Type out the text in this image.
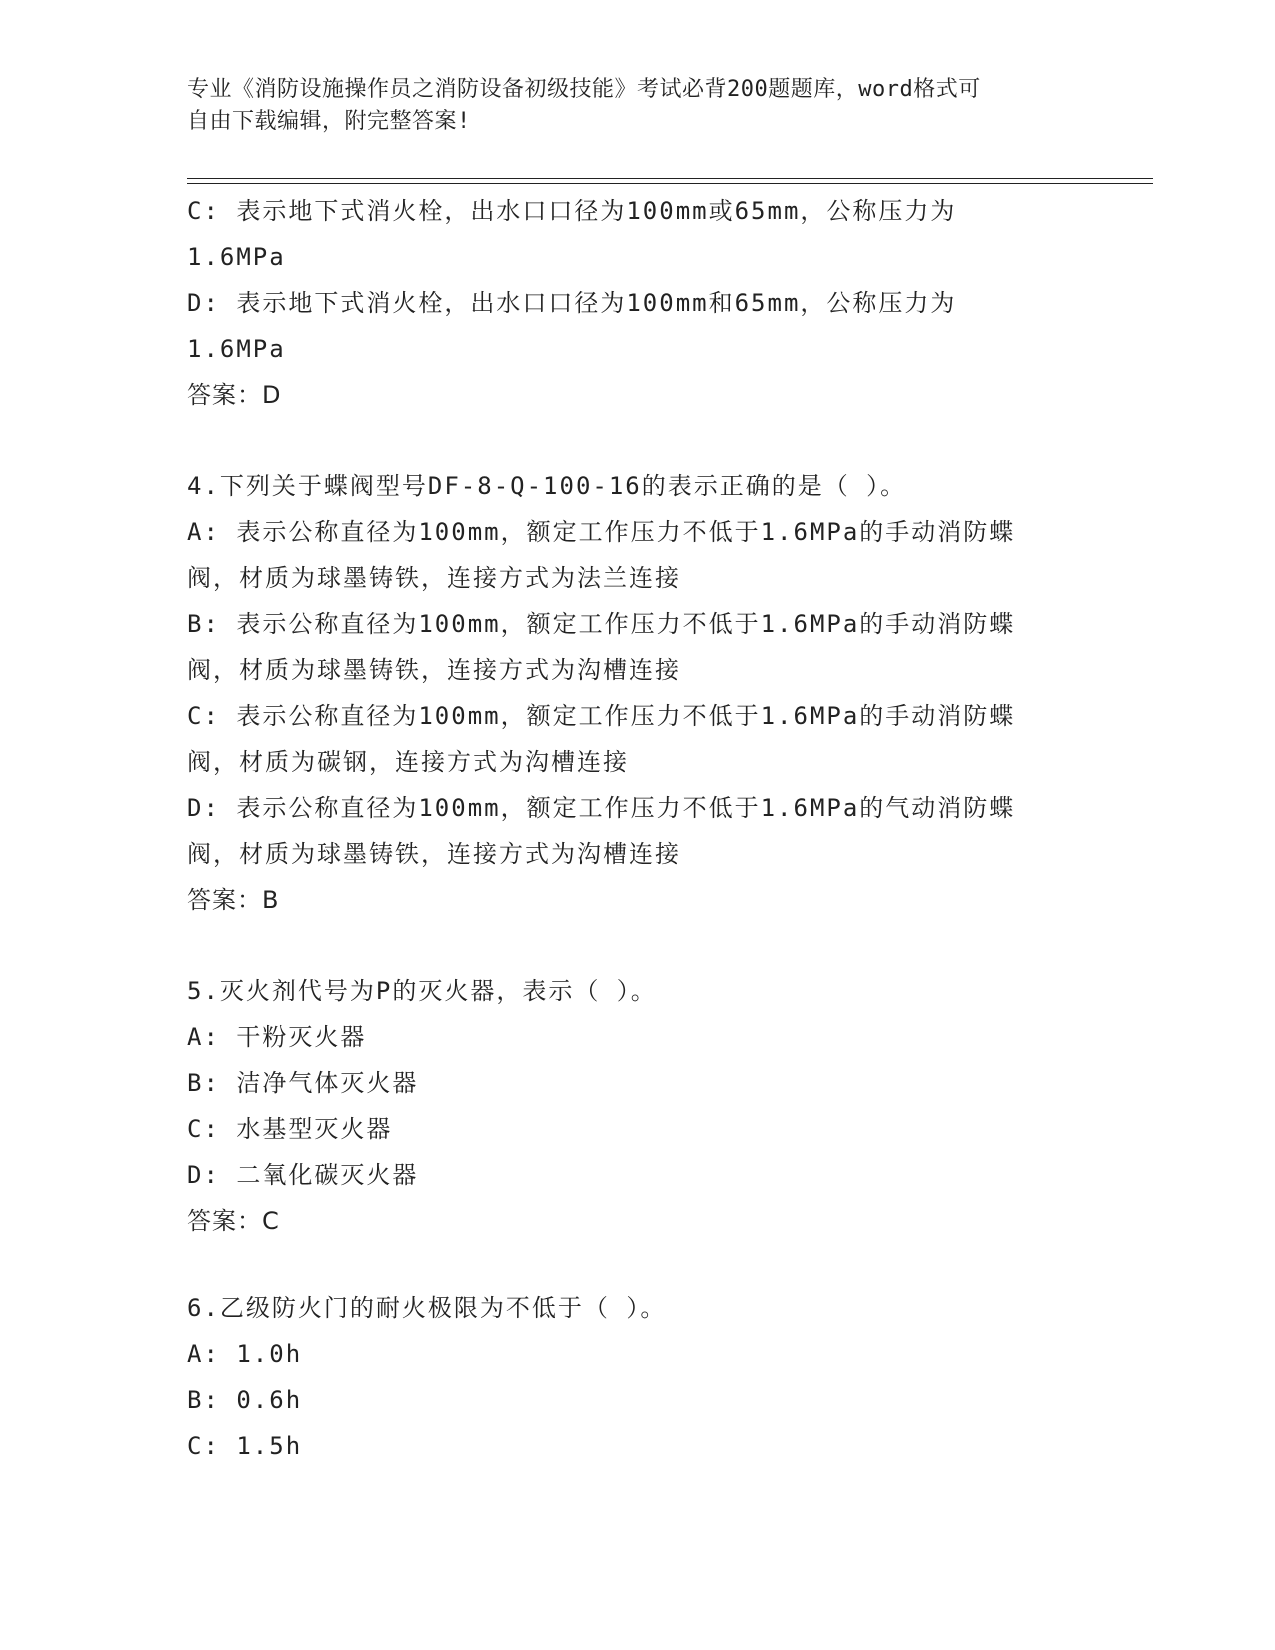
专业《消防设施操作员之消防设备初级技能》考试必背200题题库，word格式可
自由下载编辑，附完整答案!
C: 表示地下式消火栓，出水口口径为100mm或65mm，公称压力为
1.6MPa
D: 表示地下式消火栓，出水口口径为100mm和65mm，公称压力为
1.6MPa
答案：D
4.下列关于蝶阀型号DF-8-Q-100-16的表示正确的是（ ）。
A: 表示公称直径为100mm，额定工作压力不低于1.6MPa的手动消防蝶
阀，材质为球墨铸铁，连接方式为法兰连接
B: 表示公称直径为100mm，额定工作压力不低于1.6MPa的手动消防蝶
阀，材质为球墨铸铁，连接方式为沟槽连接
C: 表示公称直径为100mm，额定工作压力不低于1.6MPa的手动消防蝶
阀，材质为碳钢，连接方式为沟槽连接
D: 表示公称直径为100mm，额定工作压力不低于1.6MPa的气动消防蝶
阀，材质为球墨铸铁，连接方式为沟槽连接
答案：B
5.灭火剂代号为P的灭火器，表示（ ）。
A: 干粉灭火器
B: 洁净气体灭火器
C: 水基型灭火器
D: 二氧化碳灭火器
答案：C
6.乙级防火门的耐火极限为不低于（ ）。
A: 1.0h
B: 0.6h
C: 1.5h
